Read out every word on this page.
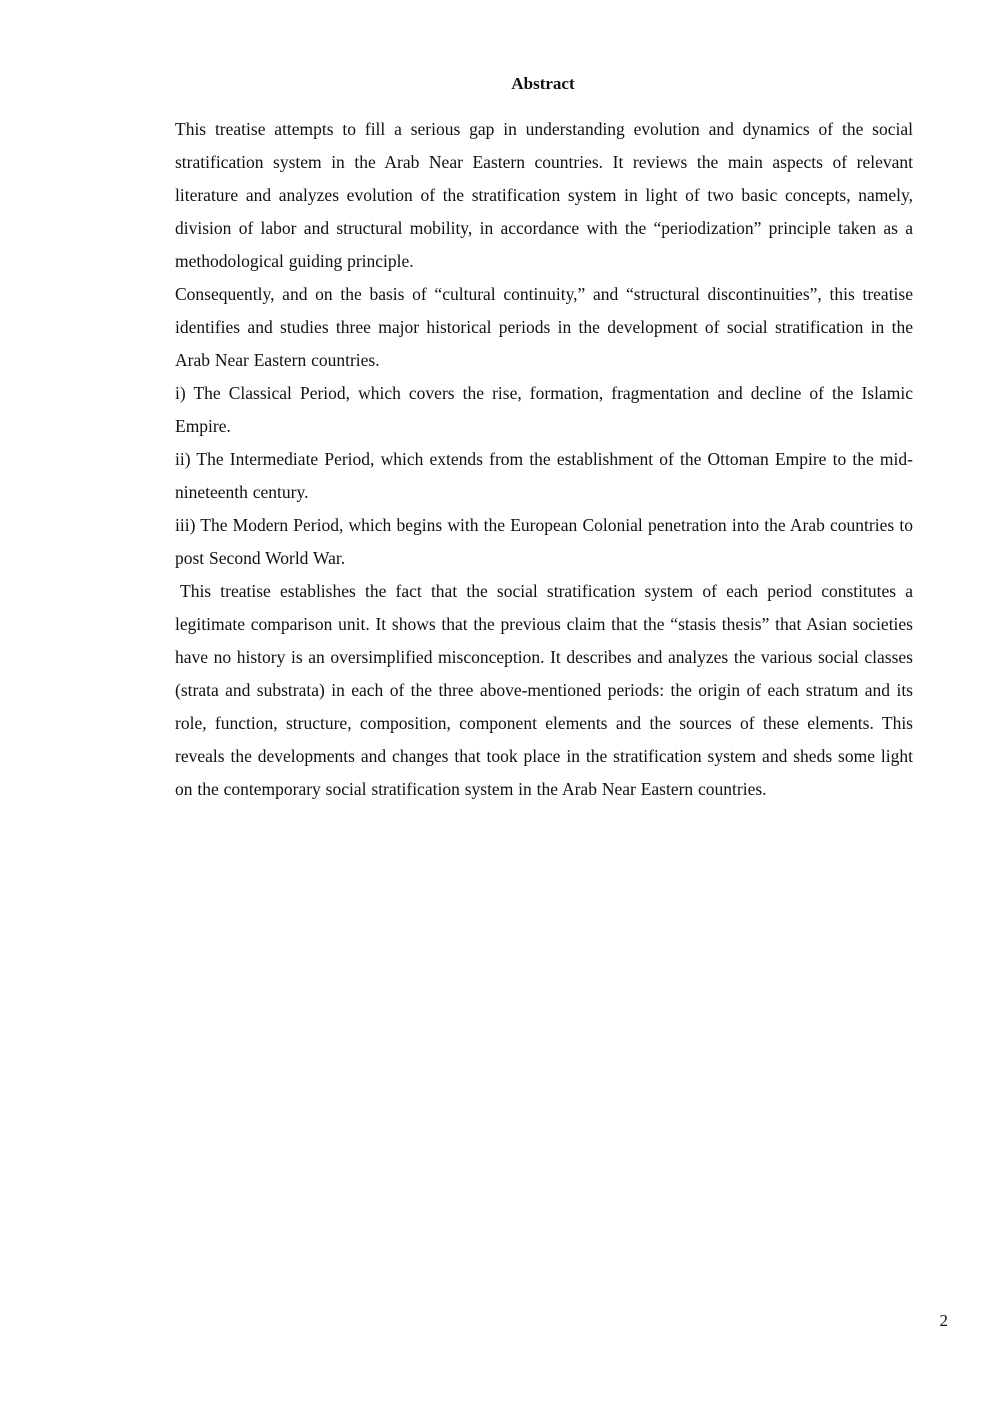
Abstract

This treatise attempts to fill a serious gap in understanding evolution and dynamics of the social stratification system in the Arab Near Eastern countries. It reviews the main aspects of relevant literature and analyzes evolution of the stratification system in light of two basic concepts, namely, division of labor and structural mobility, in accordance with the “periodization” principle taken as a methodological guiding principle.

Consequently, and on the basis of “cultural continuity,” and “structural discontinuities”, this treatise identifies and studies three major historical periods in the development of social stratification in the Arab Near Eastern countries.

i) The Classical Period, which covers the rise, formation, fragmentation and decline of the Islamic Empire.

ii) The Intermediate Period, which extends from the establishment of the Ottoman Empire to the mid-nineteenth century.

iii) The Modern Period, which begins with the European Colonial penetration into the Arab countries to post Second World War.

This treatise establishes the fact that the social stratification system of each period constitutes a legitimate comparison unit. It shows that the previous claim that the “stasis thesis” that Asian societies have no history is an oversimplified misconception. It describes and analyzes the various social classes (strata and substrata) in each of the three above-mentioned periods: the origin of each stratum and its role, function, structure, composition, component elements and the sources of these elements. This reveals the developments and changes that took place in the stratification system and sheds some light on the contemporary social stratification system in the Arab Near Eastern countries.

2
